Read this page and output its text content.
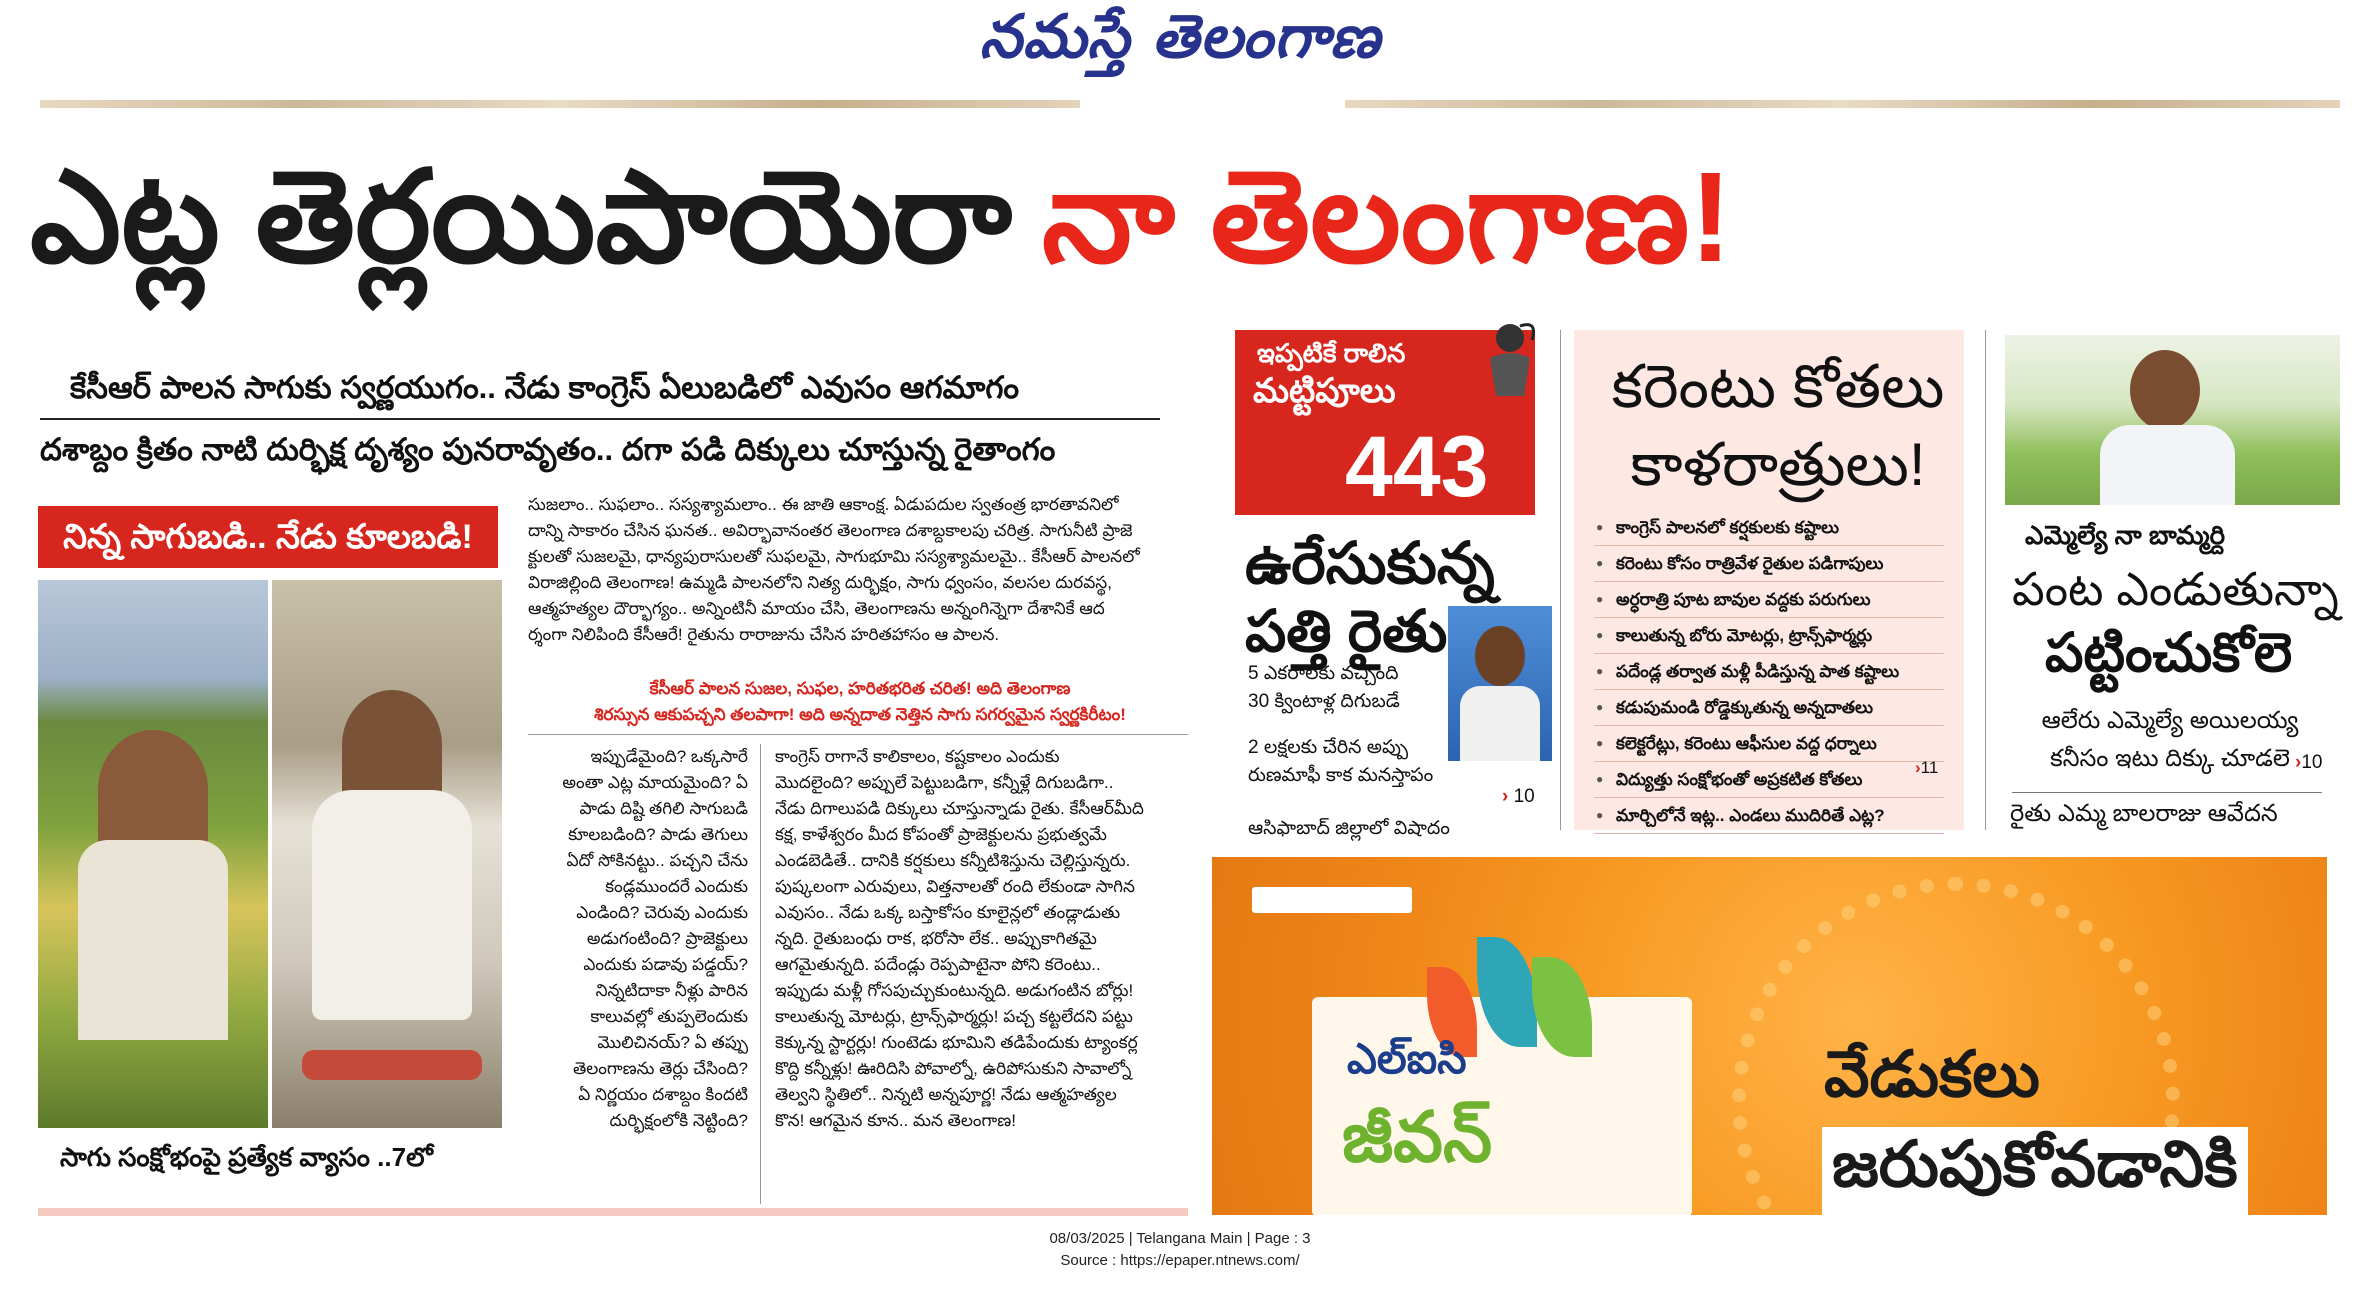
నమస్తే తెలంగాణ
ఎట్ల తెర్లయిపాయెరా నా తెలంగాణ!
కేసీఆర్ పాలన సాగుకు స్వర్ణయుగం.. నేడు కాంగ్రెస్ ఏలుబడిలో ఎవుసం ఆగమాగం
దశాబ్దం క్రితం నాటి దుర్భిక్ష దృశ్యం పునరావృతం.. దగా పడి దిక్కులు చూస్తున్న రైతాంగం
నిన్న సాగుబడి.. నేడు కూలబడి!
సాగు సంక్షోభంపై ప్రత్యేక వ్యాసం ..7లో

సుజలాం.. సుఫలాం.. సస్యశ్యామలాం.. ఈ జాతి ఆకాంక్ష. ఏడుపదుల స్వతంత్ర భారతావనిలో

దాన్ని సాకారం చేసిన ఘనత.. అవిర్భావానంతర తెలంగాణ దశాబ్దకాలపు చరిత్ర. సాగునీటి ప్రాజె

క్టులతో సుజలమై, ధాన్యపురాసులతో సుఫలమై, సాగుభూమి సస్యశ్యామలమై.. కేసీఆర్ పాలనలో

విరాజిల్లింది తెలంగాణ! ఉమ్మడి పాలనలోని నిత్య దుర్భిక్షం, సాగు ధ్వంసం, వలసల దురవస్థ,

ఆత్మహత్యల దౌర్భాగ్యం.. అన్నింటినీ మాయం చేసి, తెలంగాణను అన్నంగిన్నెగా దేశానికే ఆద

ర్శంగా నిలిపింది కేసీఆరే! రైతును రారాజును చేసిన హరితహాసం ఆ పాలన.

కేసీఆర్ పాలన సుజల, సుఫల, హరితభరిత చరిత! అది తెలంగాణ

శిరస్సున ఆకుపచ్చని తలపాగా! అది అన్నదాత నెత్తిన సాగు సగర్వమైన స్వర్ణకిరీటం!

ఇప్పుడేమైంది? ఒక్కసారే

అంతా ఎట్ల మాయమైంది? ఏ

పాడు దిష్టి తగిలి సాగుబడి

కూలబడింది? పాడు తెగులు

ఏదో సోకినట్టు.. పచ్చని చేను

కండ్లముందరే ఎందుకు

ఎండింది? చెరువు ఎందుకు

అడుగంటింది? ప్రాజెక్టులు

ఎందుకు పడావు పడ్డయ్?

నిన్నటిదాకా నీళ్లు పారిన

కాలువల్లో తుప్పలెందుకు

మొలిచినయ్? ఏ తప్పు

తెలంగాణను తెర్లు చేసింది?

ఏ నిర్ణయం దశాబ్దం కిందటి

దుర్భిక్షంలోకి నెట్టింది?

కాంగ్రెస్ రాగానే కాలికాలం, కష్టకాలం ఎందుకు

మొదలైంది? అప్పులే పెట్టుబడిగా, కన్నీళ్లే దిగుబడిగా..

నేడు దిగాలుపడి దిక్కులు చూస్తున్నాడు రైతు. కేసీఆర్‌మీది

కక్ష, కాళేశ్వరం మీద కోపంతో ప్రాజెక్టులను ప్రభుత్వమే

ఎండబెడితే.. దానికి కర్షకులు కన్నీటిశిస్తును చెల్లిస్తున్నరు.

పుష్కలంగా ఎరువులు, విత్తనాలతో రంది లేకుండా సాగిన

ఎవుసం.. నేడు ఒక్క బస్తాకోసం కూలైన్లలో తండ్లాడుతు

న్నది. రైతుబంధు రాక, భరోసా లేక.. అప్పుకాగితమై

ఆగమైతున్నది. పదేండ్లు రెప్పపాటైనా పోని కరెంటు..

ఇప్పుడు మళ్లీ గోసపుచ్చుకుంటున్నది. అడుగంటిన బోర్లు!

కాలుతున్న మోటర్లు, ట్రాన్స్‌ఫార్మర్లు! పచ్చ కట్టలేదని పట్టు

కెక్కున్న స్టార్టర్లు! గుంటెడు భూమిని తడిపేందుకు ట్యాంకర్ల

కొద్ది కన్నీళ్లు! ఊరిదిసి పోవాల్నో, ఉరిపోసుకుని సావాల్నో

తెల్వని స్థితిలో.. నిన్నటి అన్నపూర్ణ! నేడు ఆత్మహత్యల

కొన! ఆగమైన కూన.. మన తెలంగాణ!

ఇప్పటికే రాలిన
మట్టిపూలు
443
ఉరేసుకున్న
పత్తి రైతు

5 ఎకరాలకు వచ్చింది

30 క్వింటాళ్ల దిగుబడే

2 లక్షలకు చేరిన అప్పు

రుణమాఫీ కాక మనస్తాపం

› 10
ఆసిఫాబాద్ జిల్లాలో విషాదం
కరెంటు కోతలు
కాళరాత్రులు!
● కాంగ్రెస్ పాలనలో కర్షకులకు కష్టాలు
● కరెంటు కోసం రాత్రివేళ రైతుల పడిగాపులు
● అర్ధరాత్రి పూట బావుల వద్దకు పరుగులు
● కాలుతున్న బోరు మోటర్లు, ట్రాన్స్‌ఫార్మర్లు
● పదేండ్ల తర్వాత మళ్లీ పీడిస్తున్న పాత కష్టాలు
● కడుపుమండి రోడ్డెక్కుతున్న అన్నదాతలు
● కలెక్టరేట్లు, కరెంటు ఆఫీసుల వద్ద ధర్నాలు
● విద్యుత్తు సంక్షోభంతో అప్రకటిత కోతలు
● మార్చిలోనే ఇట్ల.. ఎండలు ముదిరితే ఎట్ల?
›11
ఎమ్మెల్యే నా బామ్మర్ది
పంట ఎండుతున్నా
పట్టించుకోలె

ఆలేరు ఎమ్మెల్యే అయిలయ్య

కనీసం ఇటు దిక్కు చూడలె ›10
రైతు ఎమ్మ బాలరాజు ఆవేదన
ఎల్ఐసి
జీవన్
వేడుకలు
జరుపుకోవడానికి
08/03/2025 | Telangana Main | Page : 3
Source : https://epaper.ntnews.com/
